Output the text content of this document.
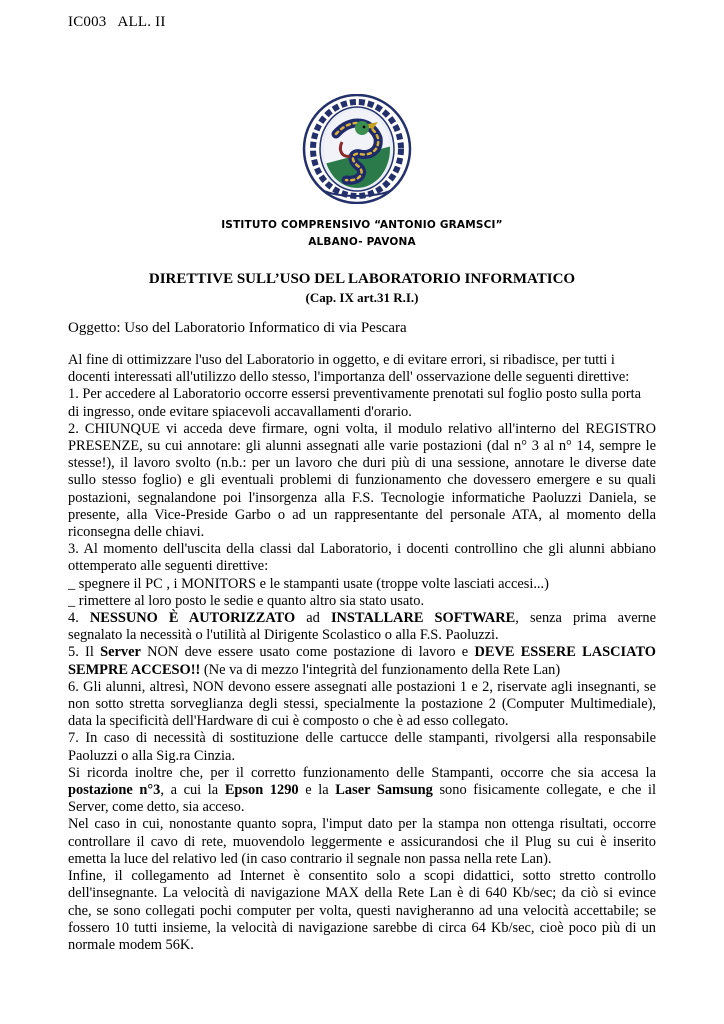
IC003   ALL. II
ISTITUTO COMPRENSIVO “ANTONIO GRAMSCI”
ALBANO- PAVONA
DIRETTIVE SULL’USO DEL LABORATORIO INFORMATICO
(Cap. IX art.31 R.I.)
Oggetto: Uso del Laboratorio Informatico di via Pescara

Al fine di ottimizzare l'uso del Laboratorio in oggetto, e di evitare errori, si ribadisce, per tutti i
docenti interessati all'utilizzo dello stesso, l'importanza dell' osservazione delle seguenti direttive:
1. Per accedere al Laboratorio occorre essersi preventivamente prenotati sul foglio posto sulla porta
di ingresso, onde evitare spiacevoli accavallamenti d'orario.

2. CHIUNQUE vi acceda deve firmare, ogni volta, il modulo relativo all'interno del REGISTRO
PRESENZE, su cui annotare: gli alunni assegnati alle varie postazioni (dal n° 3 al n° 14, sempre le
stesse!), il lavoro svolto (n.b.: per un lavoro che duri più di una sessione, annotare le diverse date
sullo stesso foglio) e gli eventuali problemi di funzionamento che dovessero emergere e su quali
postazioni, segnalandone poi l'insorgenza alla F.S. Tecnologie informatiche Paoluzzi Daniela, se
presente, alla Vice-Preside Garbo o ad un rappresentante del personale ATA, al momento della
riconsegna delle chiavi.

3. Al momento dell'uscita della classi dal Laboratorio, i docenti controllino che gli alunni abbiano
ottemperato alle seguenti direttive:
_ spegnere il PC , i MONITORS e le stampanti usate (troppe volte lasciati accesi...)
_ rimettere al loro posto le sedie e quanto altro sia stato usato.

4. NESSUNO È AUTORIZZATO ad INSTALLARE SOFTWARE, senza prima averne
segnalato la necessità o l'utilità al Dirigente Scolastico o alla F.S. Paoluzzi.

5. Il Server NON deve essere usato come postazione di lavoro e DEVE ESSERE LASCIATO
SEMPRE ACCESO!! (Ne va di mezzo l'integrità del funzionamento della Rete Lan)

6. Gli alunni, altresì, NON devono essere assegnati alle postazioni 1 e 2, riservate agli insegnanti, se
non sotto stretta sorveglianza degli stessi, specialmente la postazione 2 (Computer Multimediale),
data la specificità dell'Hardware di cui è composto o che è ad esso collegato.

7. In caso di necessità di sostituzione delle cartucce delle stampanti, rivolgersi alla responsabile
Paoluzzi o alla Sig.ra Cinzia.

Si ricorda inoltre che, per il corretto funzionamento delle Stampanti, occorre che sia accesa la
postazione n°3, a cui la Epson 1290 e la Laser Samsung sono fisicamente collegate, e che il
Server, come detto, sia acceso.

Nel caso in cui, nonostante quanto sopra, l'imput dato per la stampa non ottenga risultati, occorre
controllare il cavo di rete, muovendolo leggermente e assicurandosi che il Plug su cui è inserito
emetta la luce del relativo led (in caso contrario il segnale non passa nella rete Lan).

Infine, il collegamento ad Internet è consentito solo a scopi didattici, sotto stretto controllo
dell'insegnante. La velocità di navigazione MAX della Rete Lan è di 640 Kb/sec; da ciò si evince
che, se sono collegati pochi computer per volta, questi navigheranno ad una velocità accettabile; se
fossero 10 tutti insieme, la velocità di navigazione sarebbe di circa 64 Kb/sec, cioè poco più di un
normale modem 56K.
